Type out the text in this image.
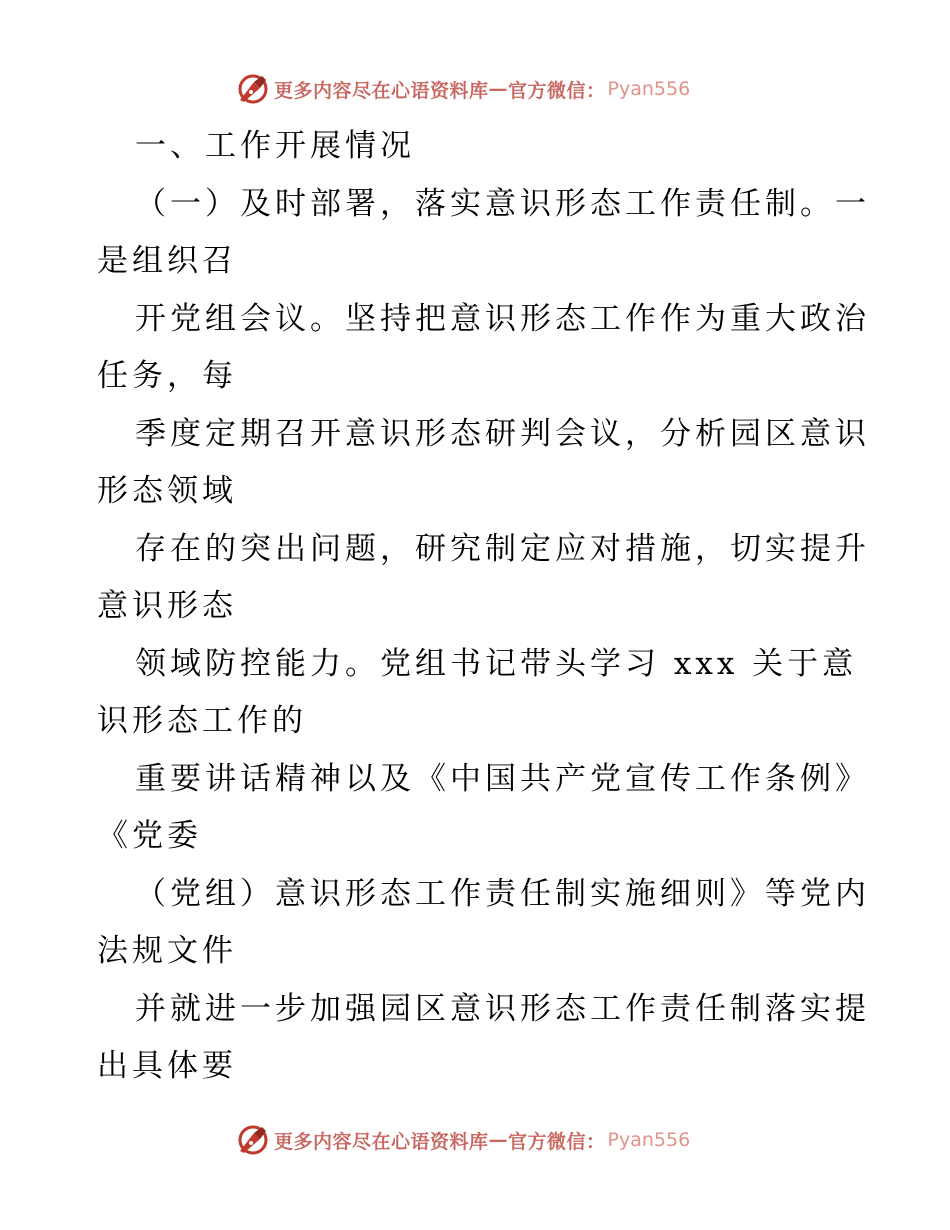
更多内容尽在心语资料库 — 官方微信： Pyan556
一、工作开展情况
（一）及时部署，落实意识形态工作责任制。一
是组织召
开党组会议。坚持把意识形态工作作为重大政治
任务，每
季度定期召开意识形态研判会议，分析园区意识
形态领域
存在的突出问题，研究制定应对措施，切实提升
意识形态
领域防控能力。党组书记带头学习 xxx 关于意
识形态工作的
重要讲话精神以及《中国共产党宣传工作条例》
《党委
（党组）意识形态工作责任制实施细则》等党内
法规文件
并就进一步加强园区意识形态工作责任制落实提
出具体要
更多内容尽在心语资料库 — 官方微信： Pyan556
